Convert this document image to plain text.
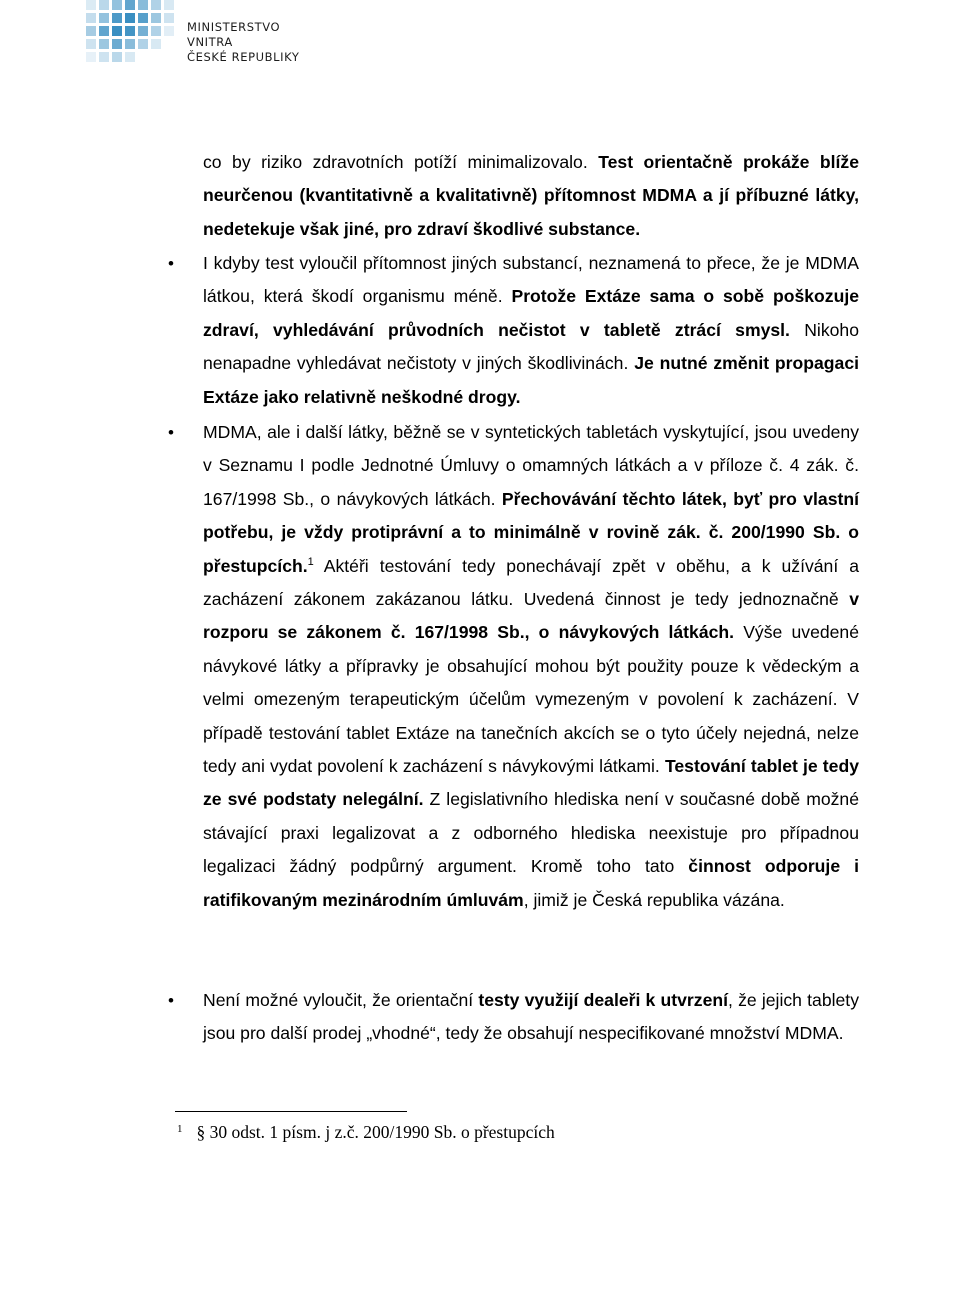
MINISTERSTVO VNITRA
ČESKÉ REPUBLIKY
co by riziko zdravotních potíží minimalizovalo. Test orientačně prokáže blíže neurčenou (kvantitativně a kvalitativně) přítomnost MDMA a jí příbuzné látky, nedetekuje však jiné, pro zdraví škodlivé substance.
• I kdyby test vyloučil přítomnost jiných substancí, neznamená to přece, že je MDMA látkou, která škodí organismu méně. Protože Extáze sama o sobě poškozuje zdraví, vyhledávání průvodních nečistot v tabletě ztrácí smysl. Nikoho nenapadne vyhledávat nečistoty v jiných škodlivinách. Je nutné změnit propagaci Extáze jako relativně neškodné drogy.
• MDMA, ale i další látky, běžně se v syntetických tabletách vyskytující, jsou uvedeny v Seznamu I podle Jednotné Úmluvy o omamných látkách a v příloze č. 4 zák. č. 167/1998 Sb., o návykových látkách. Přechovávání těchto látek, byť pro vlastní potřebu, je vždy protiprávní a to minimálně v rovině zák. č. 200/1990 Sb. o přestupcích.$^1$ Aktéři testování tedy ponechávají zpět v oběhu, a k užívání a zacházení zákonem zakázanou látku. Uvedená činnost je tedy jednoznačně v rozporu se zákonem č. 167/1998 Sb., o návykových látkách. Výše uvedené návykové látky a přípravky je obsahující mohou být použity pouze k vědeckým a velmi omezeným terapeutickým účelům vymezeným v povolení k zacházení. V případě testování tablet Extáze na tanečních akcích se o tyto účely nejedná, nelze tedy ani vydat povolení k zacházení s návykovými látkami. Testování tablet je tedy ze své podstaty nelegální. Z legislativního hlediska není v současné době možné stávající praxi legalizovat a z odborného hlediska neexistuje pro případnou legalizaci žádný podpůrný argument. Kromě toho tato činnost odporuje i ratifikovaným mezinárodním úmluvám, jimiž je Česká republika vázána.
• Není možné vyloučit, že orientační testy využijí dealeři k utvrzení, že jejich tablety jsou pro další prodej „vhodné“, tedy že obsahují nespecifikované množství MDMA.
$^1$ § 30 odst. 1 písm. j z.č. 200/1990 Sb. o přestupcích
